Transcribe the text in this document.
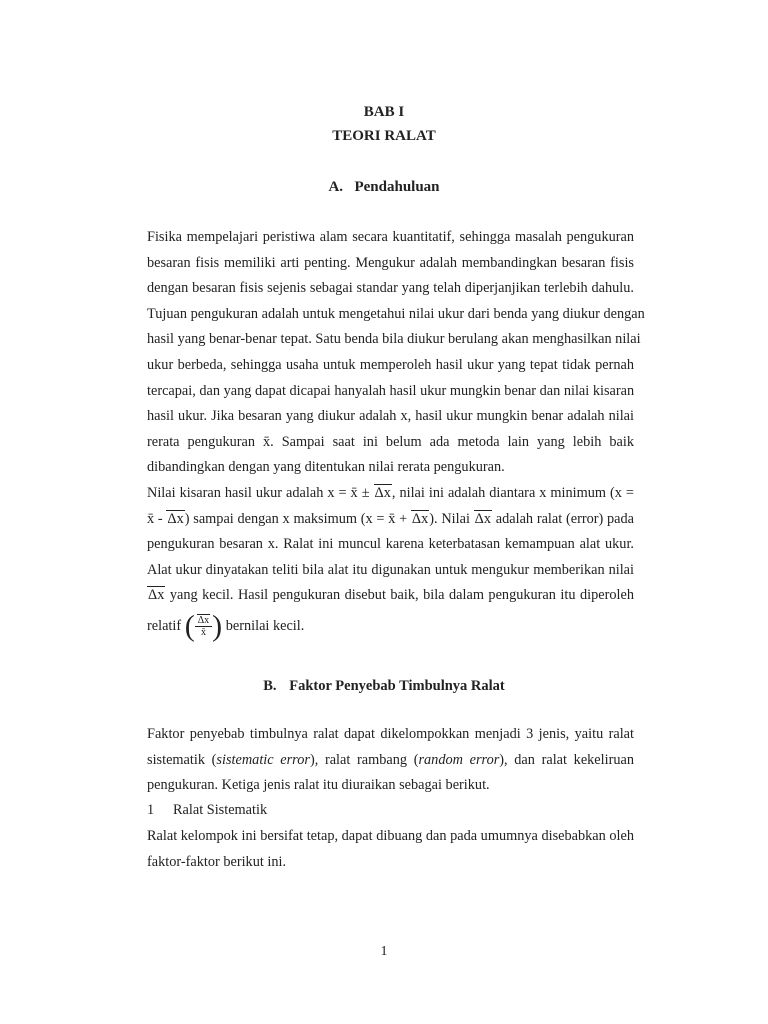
BAB I
TEORI RALAT
A. Pendahuluan
Fisika mempelajari peristiwa alam secara kuantitatif, sehingga masalah pengukuran
besaran fisis memiliki arti penting. Mengukur adalah membandingkan besaran fisis
dengan besaran fisis sejenis sebagai standar yang telah diperjanjikan terlebih dahulu.
Tujuan pengukuran adalah untuk mengetahui nilai ukur dari benda yang diukur dengan
hasil yang benar-benar tepat. Satu benda bila diukur berulang akan menghasilkan nilai
ukur berbeda, sehingga usaha untuk memperoleh hasil ukur yang tepat tidak pernah
tercapai, dan yang dapat dicapai hanyalah hasil ukur mungkin benar dan nilai kisaran
hasil ukur. Jika besaran yang diukur adalah x, hasil ukur mungkin benar adalah nilai
rerata pengukuran x̄. Sampai saat ini belum ada metoda lain yang lebih baik
dibandingkan dengan yang ditentukan nilai rerata pengukuran.
Nilai kisaran hasil ukur adalah x = x̄ ± Δx, nilai ini adalah diantara x minimum (x =
x̄ - Δx) sampai dengan x maksimum (x = x̄ + Δx). Nilai Δx adalah ralat (error) pada
pengukuran besaran x. Ralat ini muncul karena keterbatasan kemampuan alat ukur.
Alat ukur dinyatakan teliti bila alat itu digunakan untuk mengukur memberikan nilai
Δx yang kecil. Hasil pengukuran disebut baik, bila dalam pengukuran itu diperoleh
relatif ( $\frac{\Delta x}{x̄}$ ) bernilai kecil.
B. Faktor Penyebab Timbulnya Ralat
Faktor penyebab timbulnya ralat dapat dikelompokkan menjadi 3 jenis, yaitu ralat
sistematik (sistematic error), ralat rambang (random error), dan ralat kekeliruan
pengukuran. Ketiga jenis ralat itu diuraikan sebagai berikut.
1 Ralat Sistematik
Ralat kelompok ini bersifat tetap, dapat dibuang dan pada umumnya disebabkan oleh
faktor-faktor berikut ini.
1
